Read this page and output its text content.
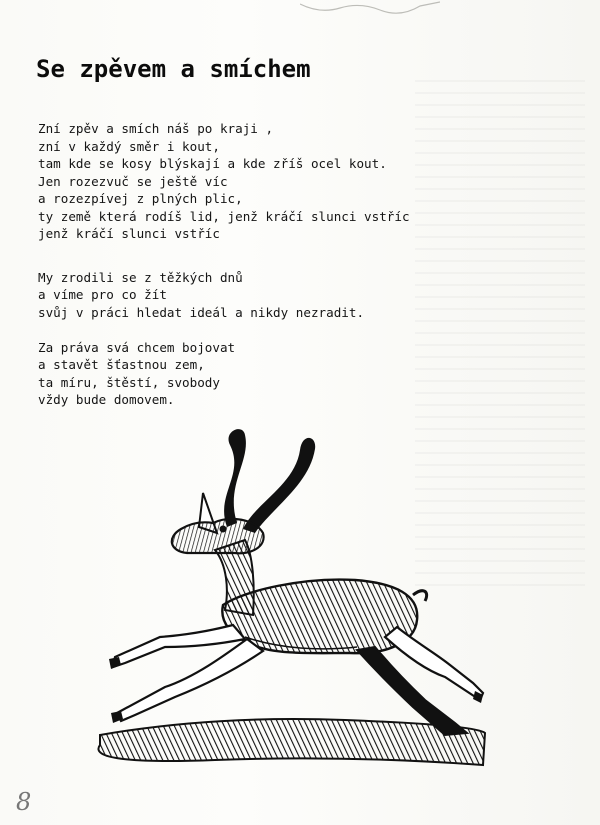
Se zpěvem a smíchem
Zní zpěv a smích náš po kraji ,
zní v každý směr i kout,
tam kde se kosy blýskají a kde zříš ocel kout.
Jen rozezvuč se ještě víc
a rozezpívej z plných plic,
ty země která rodíš lid, jenž kráčí slunci vstříc
jenž kráčí slunci vstříc
My zrodili se z těžkých dnů
a víme pro co žít
svůj v práci hledat ideál a nikdy nezradit.
Za práva svá chcem bojovat
a stavět šťastnou zem,
ta míru, štěstí, svobody
vždy bude domovem.
8
